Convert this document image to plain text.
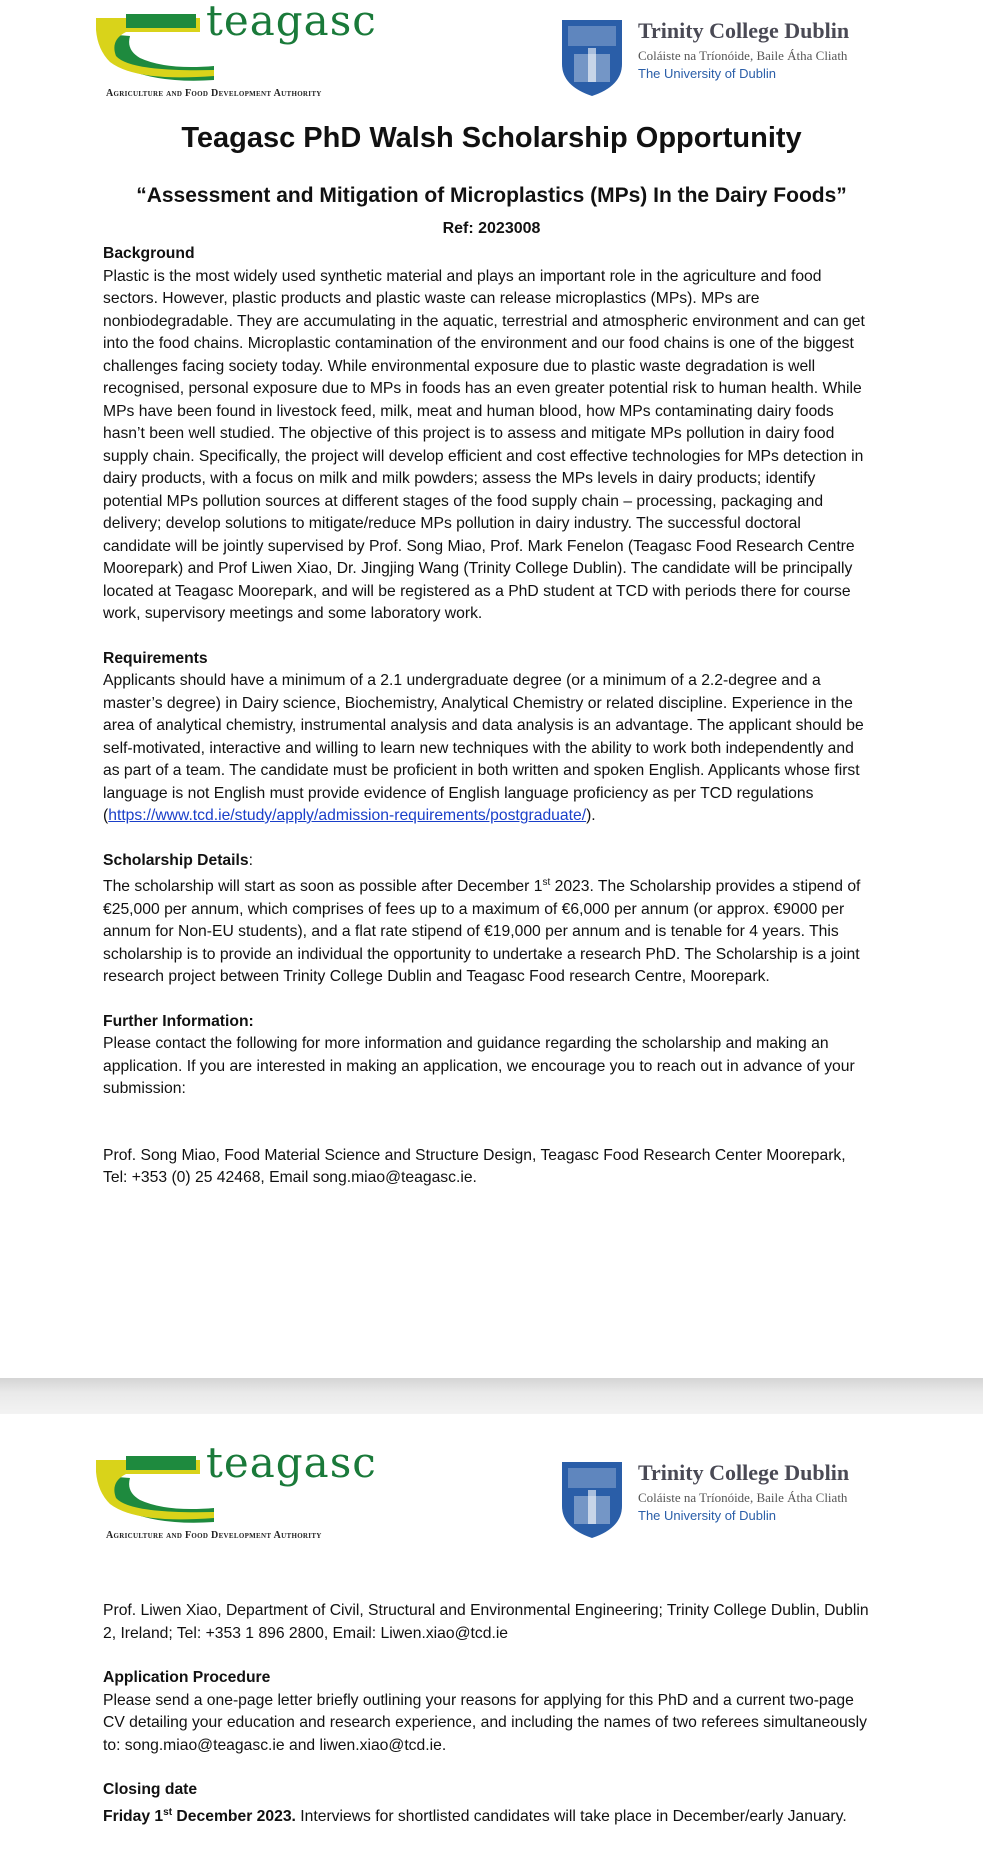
teagasc
Agriculture and Food Development Authority
Trinity College Dublin
Coláiste na Tríonóide, Baile Átha Cliath
The University of Dublin
Teagasc PhD Walsh Scholarship Opportunity
“Assessment and Mitigation of Microplastics (MPs) In the Dairy Foods”
Ref: 2023008

Background

Plastic is the most widely used synthetic material and plays an important role in the agriculture and food sectors. However, plastic products and plastic waste can release microplastics (MPs). MPs are nonbiodegradable. They are accumulating in the aquatic, terrestrial and atmospheric environment and can get into the food chains. Microplastic contamination of the environment and our food chains is one of the biggest challenges facing society today. While environmental exposure due to plastic waste degradation is well recognised, personal exposure due to MPs in foods has an even greater potential risk to human health. While MPs have been found in livestock feed, milk, meat and human blood, how MPs contaminating dairy foods hasn’t been well studied. The objective of this project is to assess and mitigate MPs pollution in dairy food supply chain. Specifically, the project will develop efficient and cost effective technologies for MPs detection in dairy products, with a focus on milk and milk powders; assess the MPs levels in dairy products; identify potential MPs pollution sources at different stages of the food supply chain – processing, packaging and delivery; develop solutions to mitigate/reduce MPs pollution in dairy industry. The successful doctoral candidate will be jointly supervised by Prof. Song Miao, Prof. Mark Fenelon (Teagasc Food Research Centre Moorepark) and Prof Liwen Xiao, Dr. Jingjing Wang (Trinity College Dublin). The candidate will be principally located at Teagasc Moorepark, and will be registered as a PhD student at TCD with periods there for course work, supervisory meetings and some laboratory work.

Requirements

Applicants should have a minimum of a 2.1 undergraduate degree (or a minimum of a 2.2-degree and a master’s degree) in Dairy science, Biochemistry, Analytical Chemistry or related discipline. Experience in the area of analytical chemistry, instrumental analysis and data analysis is an advantage. The applicant should be self-motivated, interactive and willing to learn new techniques with the ability to work both independently and as part of a team. The candidate must be proficient in both written and spoken English. Applicants whose first language is not English must provide evidence of English language proficiency as per TCD regulations (https://www.tcd.ie/study/apply/admission-requirements/postgraduate/).

Scholarship Details:

The scholarship will start as soon as possible after December 1st 2023. The Scholarship provides a stipend of €25,000 per annum, which comprises of fees up to a maximum of €6,000 per annum (or approx. €9000 per annum for Non-EU students), and a flat rate stipend of €19,000 per annum and is tenable for 4 years. This scholarship is to provide an individual the opportunity to undertake a research PhD. The Scholarship is a joint research project between Trinity College Dublin and Teagasc Food research Centre, Moorepark.

Further Information:

Please contact the following for more information and guidance regarding the scholarship and making an application. If you are interested in making an application, we encourage you to reach out in advance of your submission:

Prof. Song Miao, Food Material Science and Structure Design, Teagasc Food Research Center Moorepark, Tel: +353 (0) 25 42468, Email song.miao@teagasc.ie.

teagasc
Agriculture and Food Development Authority
Trinity College Dublin
Coláiste na Tríonóide, Baile Átha Cliath
The University of Dublin

Prof. Liwen Xiao, Department of Civil, Structural and Environmental Engineering; Trinity College Dublin, Dublin 2, Ireland; Tel: +353 1 896 2800, Email: Liwen.xiao@tcd.ie

Application Procedure

Please send a one-page letter briefly outlining your reasons for applying for this PhD and a current two-page CV detailing your education and research experience, and including the names of two referees simultaneously to: song.miao@teagasc.ie and liwen.xiao@tcd.ie.

Closing date

Friday 1st December 2023. Interviews for shortlisted candidates will take place in December/early January.
